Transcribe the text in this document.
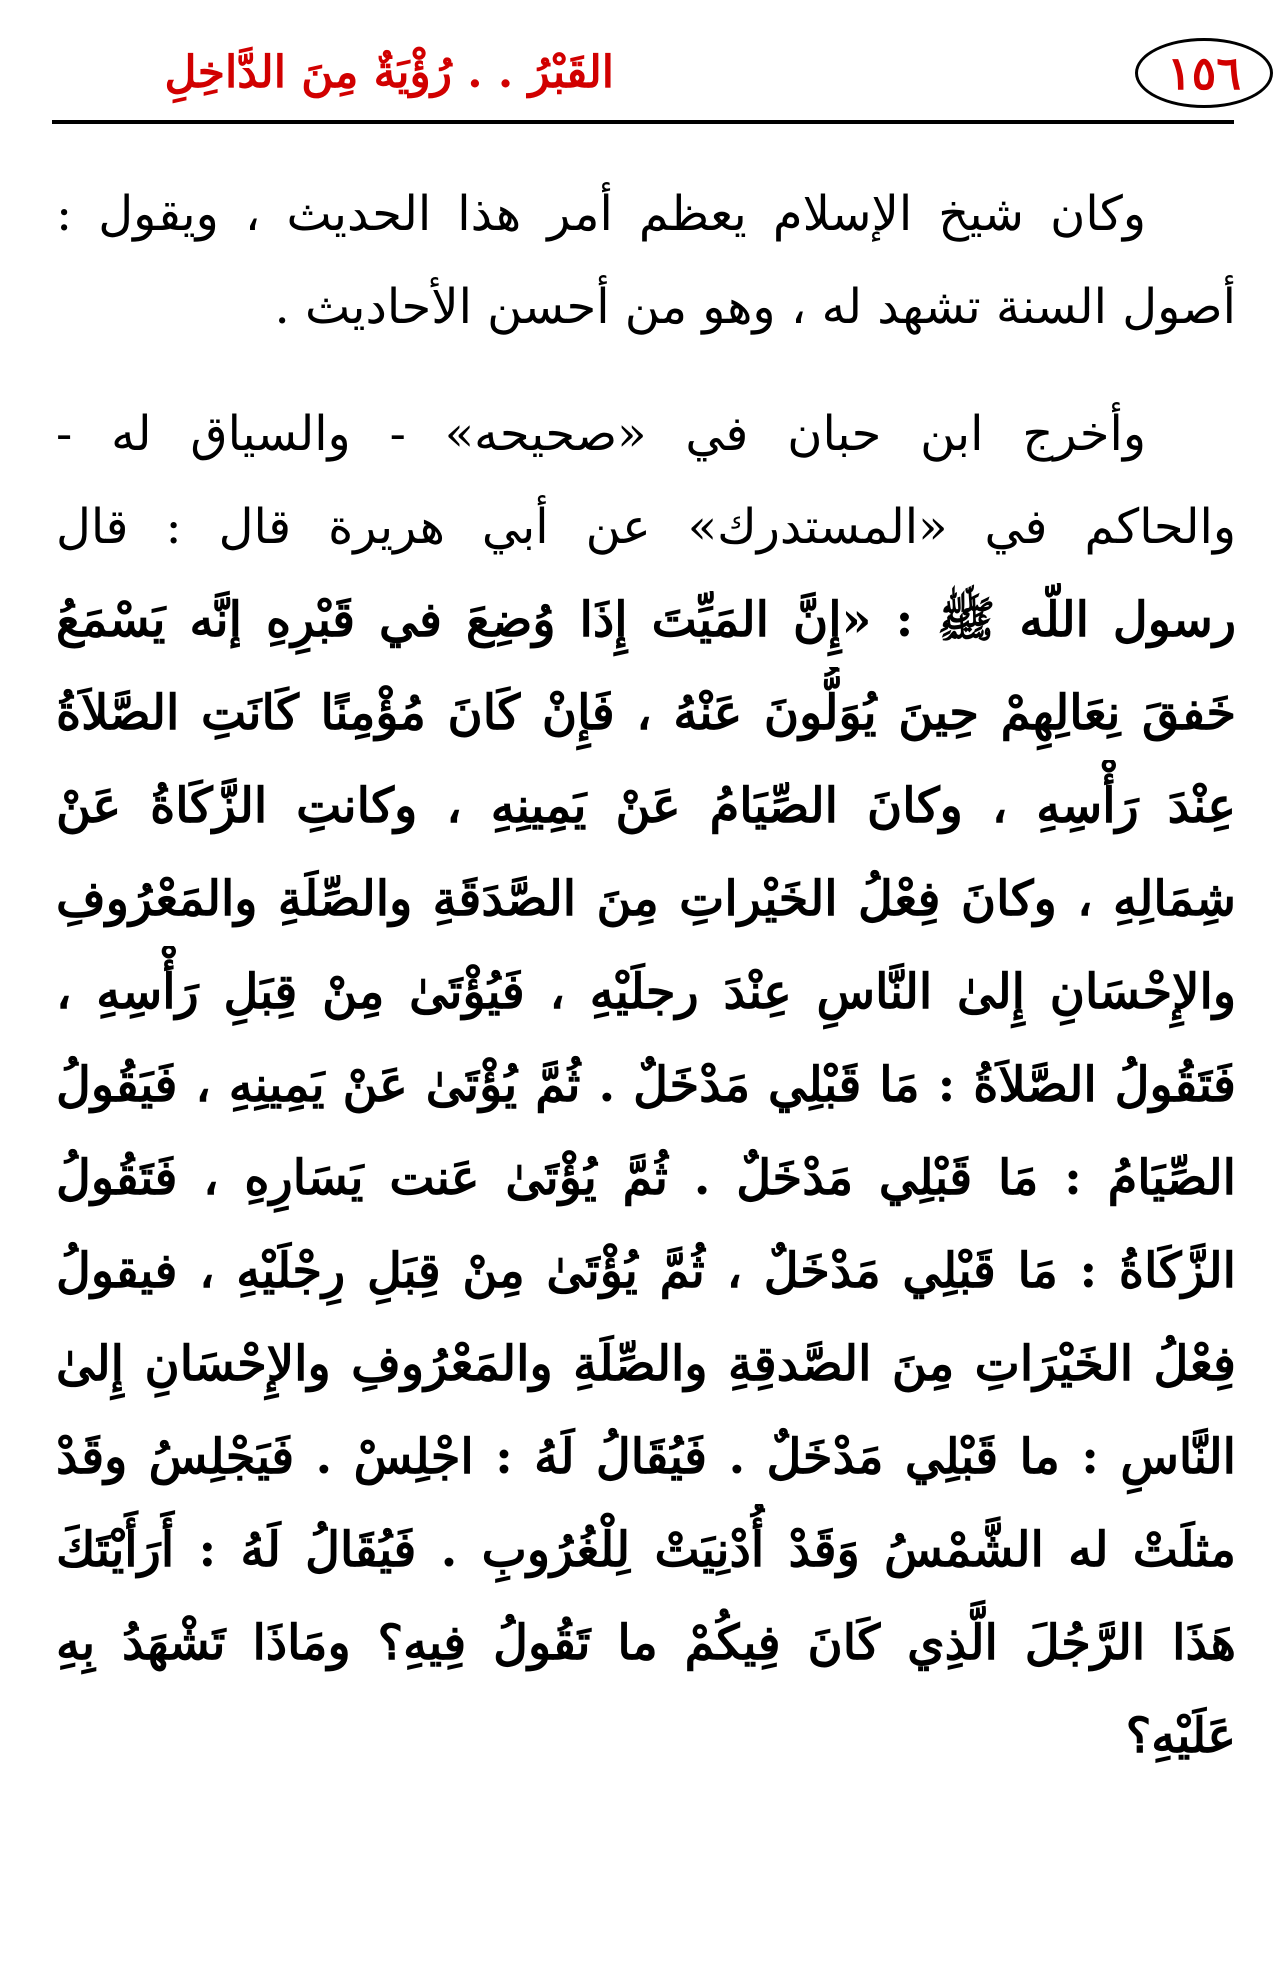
١٥٦
القَبْرُ . . رُؤْيَةٌ مِنَ الدَّاخِلِ
وكان شيخ الإسلام يعظم أمر هذا الحديث ، ويقول :
أصول السنة تشهد له ، وهو من أحسن الأحاديث .
وأخرج ابن حبان في «صحيحه» - والسياق له -
والحاكم في «المستدرك» عن أبي هريرة قال : قال
رسول اللّه ﷺ : «إِنَّ المَيِّتَ إِذَا وُضِعَ في قَبْرِهِ إنَّه يَسْمَعُ
خَفقَ نِعَالِهِمْ حِينَ يُوَلُّونَ عَنْهُ ، فَإِنْ كَانَ مُؤْمِنًا كَانَتِ الصَّلاَةُ
عِنْدَ رَأْسِهِ ، وكانَ الصِّيَامُ عَنْ يَمِينِهِ ، وكانتِ الزَّكَاةُ عَنْ
شِمَالِهِ ، وكانَ فِعْلُ الخَيْراتِ مِنَ الصَّدَقَةِ والصِّلَةِ والمَعْرُوفِ
والإِحْسَانِ إِلىٰ النَّاسِ عِنْدَ رجلَيْهِ ، فَيُؤْتَىٰ مِنْ قِبَلِ رَأْسِهِ ،
فَتَقُولُ الصَّلاَةُ : مَا قَبْلِي مَدْخَلٌ . ثُمَّ يُؤْتَىٰ عَنْ يَمِينِهِ ، فَيَقُولُ
الصِّيَامُ : مَا قَبْلِي مَدْخَلٌ . ثُمَّ يُؤْتَىٰ عَنت يَسَارِهِ ، فَتَقُولُ
الزَّكَاةُ : مَا قَبْلِي مَدْخَلٌ ، ثُمَّ يُؤْتَىٰ مِنْ قِبَلِ رِجْلَيْهِ ، فيقولُ
فِعْلُ الخَيْرَاتِ مِنَ الصَّدقِةِ والصِّلَةِ والمَعْرُوفِ والإِحْسَانِ إِلىٰ
النَّاسِ : ما قَبْلِي مَدْخَلٌ . فَيُقَالُ لَهُ : اجْلِسْ . فَيَجْلِسُ وقَدْ
مثلَتْ له الشَّمْسُ وَقَدْ أُدْنِيَتْ لِلْغُرُوبِ . فَيُقَالُ لَهُ : أَرَأَيْتَكَ
هَذَا الرَّجُلَ الَّذِي كَانَ فِيكُمْ ما تَقُولُ فِيهِ؟ ومَاذَا تَشْهَدُ بِهِ
عَلَيْهِ؟
